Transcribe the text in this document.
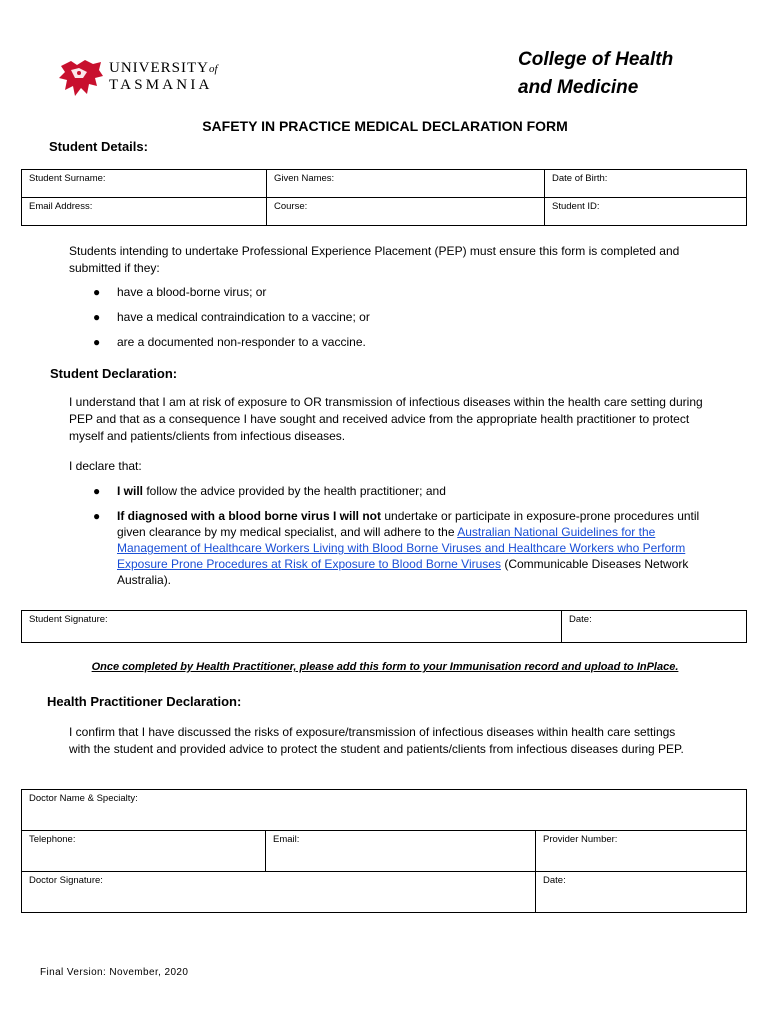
UNIVERSITYof
TASMANIA
College of Health
and Medicine
SAFETY IN PRACTICE MEDICAL DECLARATION FORM
Student Details:
Student Surname:	Given Names:	Date of Birth:
Email Address:	Course:	Student ID:
Students intending to undertake Professional Experience Placement (PEP) must ensure this form is completed and submitted if they:
● have a blood-borne virus; or
● have a medical contraindication to a vaccine; or
● are a documented non-responder to a vaccine.
Student Declaration:
I understand that I am at risk of exposure to OR transmission of infectious diseases within the health care setting during PEP and that as a consequence I have sought and received advice from the appropriate health practitioner to protect myself and patients/clients from infectious diseases.
I declare that:
● I will follow the advice provided by the health practitioner; and
● If diagnosed with a blood borne virus I will not undertake or participate in exposure-prone procedures until given clearance by my medical specialist, and will adhere to the Australian National Guidelines for the Management of Healthcare Workers Living with Blood Borne Viruses and Healthcare Workers who Perform Exposure Prone Procedures at Risk of Exposure to Blood Borne Viruses (Communicable Diseases Network Australia).
Student Signature:	Date:
Once completed by Health Practitioner, please add this form to your Immunisation record and upload to InPlace.
Health Practitioner Declaration:
I confirm that I have discussed the risks of exposure/transmission of infectious diseases within health care settings with the student and provided advice to protect the student and patients/clients from infectious diseases during PEP.
Doctor Name & Specialty:		
Telephone:	Email:	Provider Number:
Doctor Signature:		Date:
Final Version: November, 2020
